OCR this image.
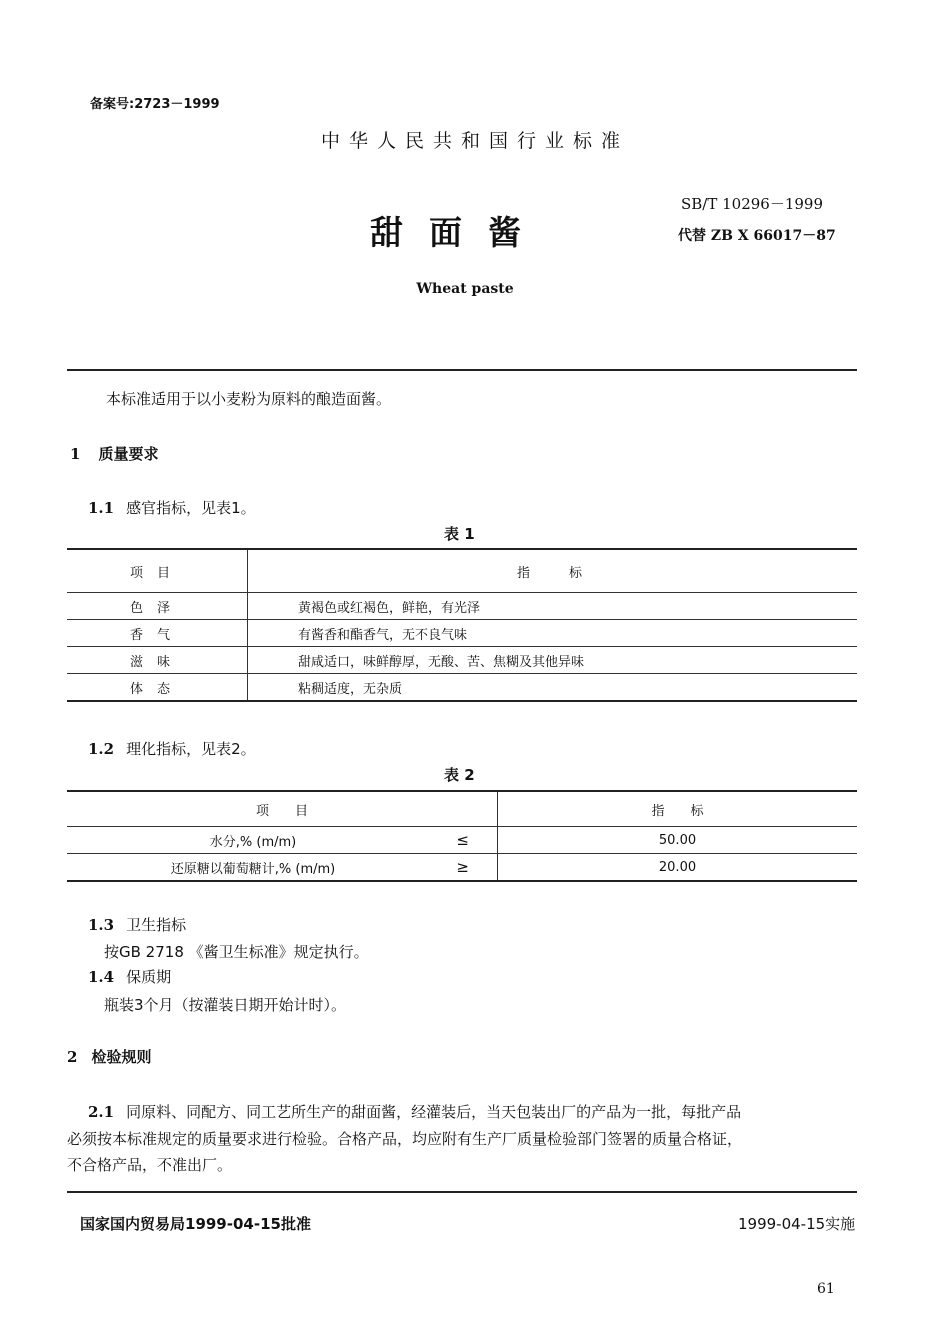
备案号:2723－1999
中华人民共和国行业标准
SB/T 10296－1999
代替 ZB X 66017－87
甜面酱
Wheat paste
本标准适用于以小麦粉为原料的酿造面酱。
1 质量要求
1.1 感官指标，见表1。
表 1
项目	指　　　标
色泽	黄褐色或红褐色，鲜艳，有光泽
香气	有酱香和酯香气，无不良气味
滋味	甜咸适口，味鲜醇厚，无酸、苦、焦糊及其他异味
体态	粘稠适度，无杂质
1.2 理化指标，见表2。
表 2
项　　目	指　　标
水分,% (m/m) ≤	50.00
还原糖以葡萄糖计,% (m/m) ≥	20.00
1.3 卫生指标
按GB 2718 《酱卫生标准》规定执行。
1.4 保质期
瓶装3个月（按灌装日期开始计时）。
2 检验规则
2.1 同原料、同配方、同工艺所生产的甜面酱，经灌装后，当天包装出厂的产品为一批，每批产品
必须按本标准规定的质量要求进行检验。合格产品，均应附有生产厂质量检验部门签署的质量合格证，
不合格产品，不准出厂。
国家国内贸易局1999-04-15批准	1999-04-15实施
61
